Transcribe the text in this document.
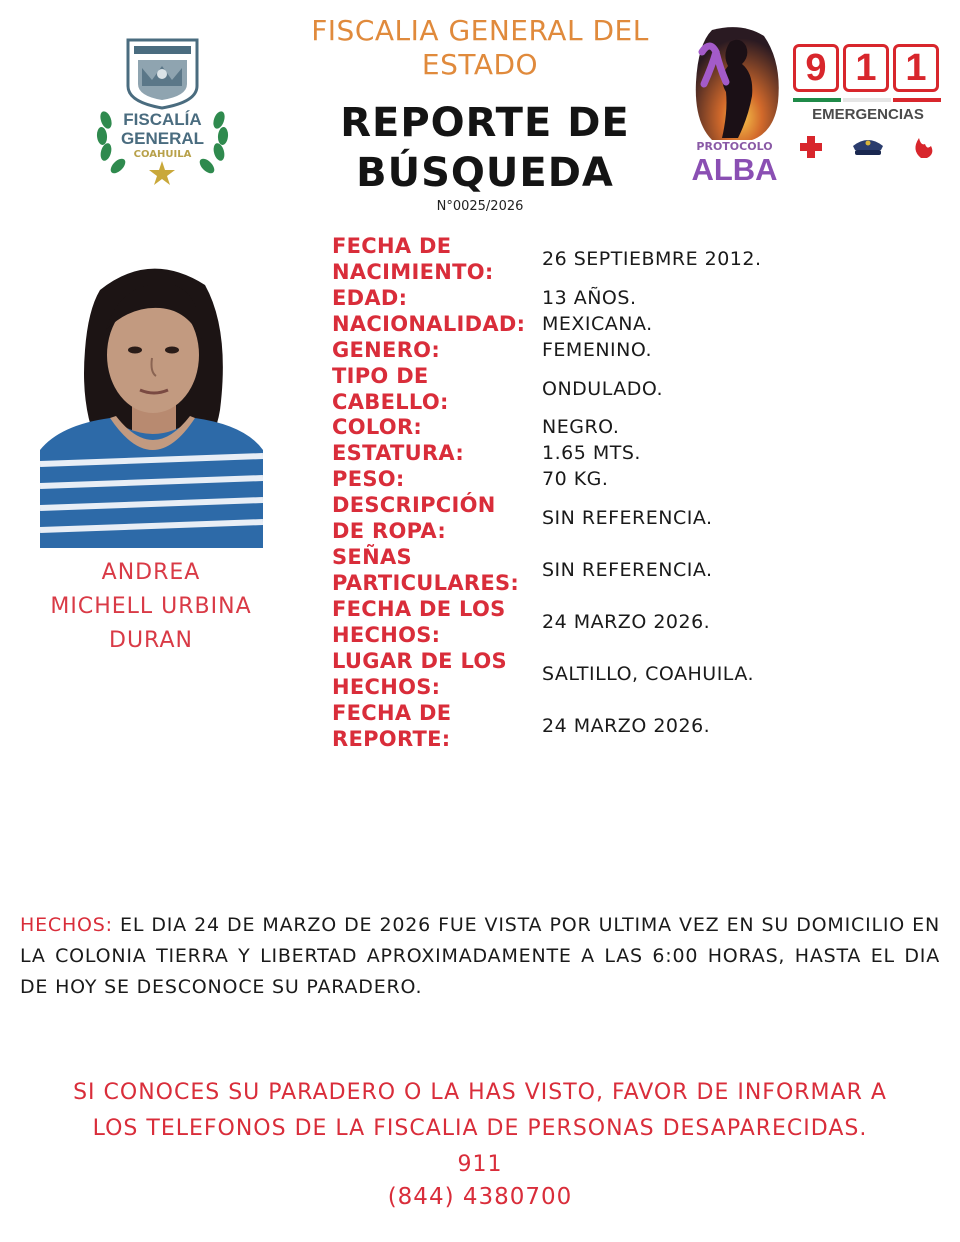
FISCALIA GENERAL DEL
ESTADO
REPORTE DE
BÚSQUEDA
N°0025/2026
FISCALÍA
GENERAL
COAHUILA
PROTOCOLO
ALBA
9 1 1
EMERGENCIAS
ANDREA
MICHELL URBINA
DURAN
FECHA DE NACIMIENTO:
26 SEPTIEBMRE 2012.
EDAD:	13 AÑOS.
NACIONALIDAD: MEXICANA.
GENERO:	FEMENINO.
TIPO DE CABELLO:
ONDULADO.
COLOR:	NEGRO.
ESTATURA:	1.65 MTS.
PESO:	70 KG.
DESCRIPCIÓN DE ROPA:
SIN REFERENCIA.
SEÑAS PARTICULARES:
SIN REFERENCIA.
FECHA DE LOS HECHOS:
24 MARZO 2026.
LUGAR DE LOS HECHOS:
SALTILLO, COAHUILA.
FECHA DE REPORTE:
24 MARZO 2026.
HECHOS: EL DIA 24 DE MARZO DE 2026 FUE VISTA POR ULTIMA VEZ EN SU DOMICILIO EN LA COLONIA TIERRA Y LIBERTAD APROXIMADAMENTE A LAS 6:00 HORAS, HASTA EL DIA DE HOY SE DESCONOCE SU PARADERO.
SI CONOCES SU PARADERO O LA HAS VISTO, FAVOR DE INFORMAR A
LOS TELEFONOS DE LA FISCALIA DE PERSONAS DESAPARECIDAS.
911
(844) 4380700
